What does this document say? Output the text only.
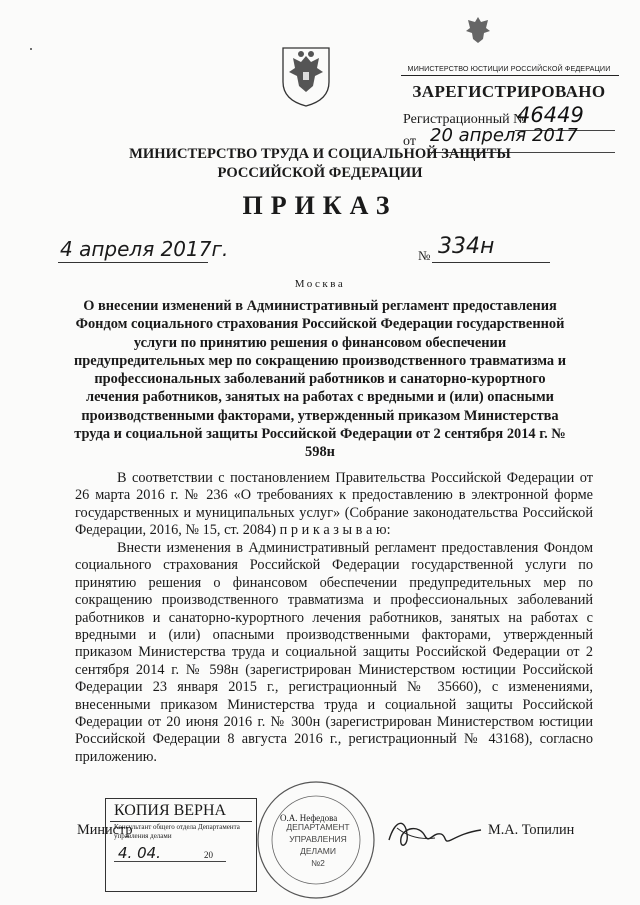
МИНИСТЕРСТВО ЮСТИЦИИ РОССИЙСКОЙ ФЕДЕРАЦИИ
ЗАРЕГИСТРИРОВАНО
Регистрационный №
46449
от 20 апреля 2017
МИНИСТЕРСТВО ТРУДА И СОЦИАЛЬНОЙ ЗАЩИТЫ
РОССИЙСКОЙ ФЕДЕРАЦИИ
ПРИКАЗ
4 апреля 2017г.	№ 334н
Москва
О внесении изменений в Административный регламент предоставления Фондом социального страхования Российской Федерации государственной услуги по принятию решения о финансовом обеспечении предупредительных мер по сокращению производственного травматизма и профессиональных заболеваний работников и санаторно-курортного лечения работников, занятых на работах с вредными и (или) опасными производственными факторами, утвержденный приказом Министерства труда и социальной защиты Российской Федерации от 2 сентября 2014 г. № 598н
В соответствии с постановлением Правительства Российской Федерации от 26 марта 2016 г. № 236 «О требованиях к предоставлению в электронной форме государственных и муниципальных услуг» (Собрание законодательства Российской Федерации, 2016, № 15, ст. 2084) п р и к а з ы в а ю:
Внести изменения в Административный регламент предоставления Фондом социального страхования Российской Федерации государственной услуги по принятию решения о финансовом обеспечении предупредительных мер по сокращению производственного травматизма и профессиональных заболеваний работников и санаторно-курортного лечения работников, занятых на работах с вредными и (или) опасными производственными факторами, утвержденный приказом Министерства труда и социальной защиты Российской Федерации от 2 сентября 2014 г. № 598н (зарегистрирован Министерством юстиции Российской Федерации 23 января 2015 г., регистрационный № 35660), с изменениями, внесенными приказом Министерства труда и социальной защиты Российской Федерации от 20 июня 2016 г. № 300н (зарегистрирован Министерством юстиции Российской Федерации 8 августа 2016 г., регистрационный № 43168), согласно приложению.
КОПИЯ ВЕРНА
Консультант общего отдела Департамента
управления делами
4. 04.	20
О.А. Нефедова
Министр	ДЕПАРТАМЕНТ
УПРАВЛЕНИЯ
ДЕЛАМИ
№2
М.А. Топилин
